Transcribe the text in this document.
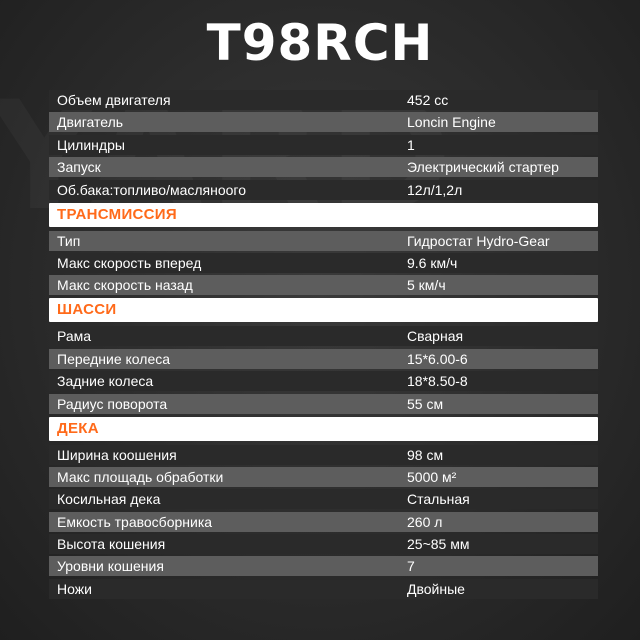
T98RCH
Объем двигателя	452 cc
Двигатель	Loncin Engine
Цилиндры	1
Запуск	Электрический стартер
Об.бака:топливо/масляноого	12л/1,2л
ТРАНСМИССИЯ
Тип	Гидростат Hydro-Gear
Макс скорость вперед	9.6 км/ч
Макс скорость назад	5 км/ч
ШАССИ
Рама	Сварная
Передние колеса	15*6.00-6
Задние колеса	18*8.50-8
Радиус поворота	55 см
ДЕКА
Ширина коошения	98 см
Макс площадь обработки	5000 м²
Косильная дека	Стальная
Емкость травосборника	260 л
Высота кошения	25~85 мм
Уровни кошения	7
Ножи	Двойные
